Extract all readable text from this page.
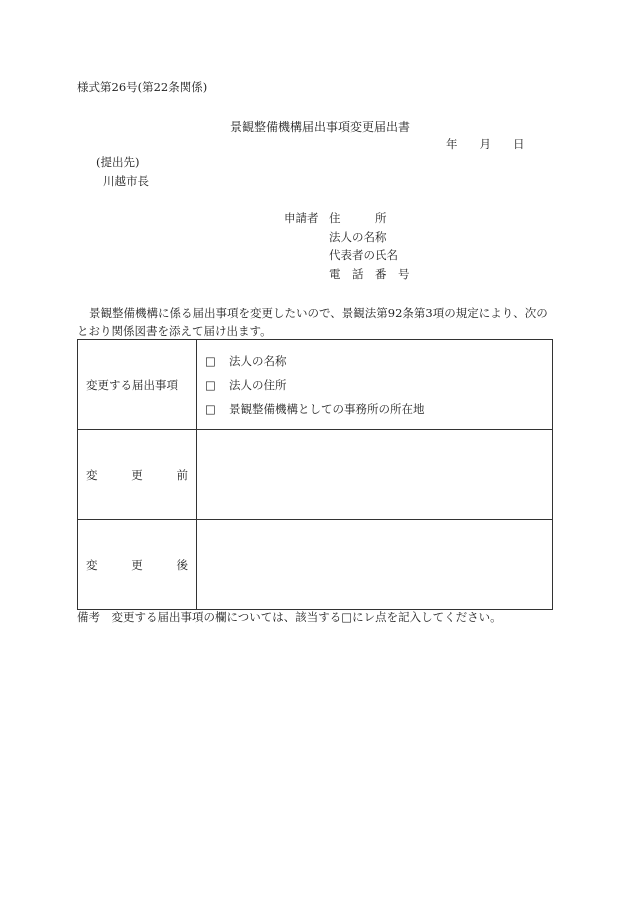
様式第26号(第22条関係)
景観整備機構届出事項変更届出書
年 月 日
(提出先)
川越市長
申請者 住　　　所
法人の名称
代表者の氏名
電　話　番　号
景観整備機構に係る届出事項を変更したいので、景観法第92条第3項の規定により、次のとおり関係図書を添えて届け出ます。
変更する届出事項	□ 法人の名称
□ 法人の住所
□ 景観整備機構としての事務所の所在地

変 更 前	

変 更 後	

備考　変更する届出事項の欄については、該当する□にレ点を記入してください。
